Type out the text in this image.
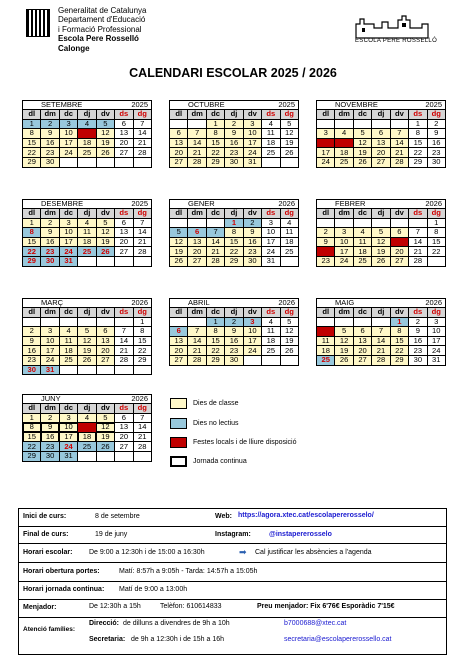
Generalitat de Catalunya
Departament d'Educació
i Formació Professional
Escola Pere Rosselló
Calonge
ESCOLA PERE ROSSELLÓ
CALENDARI ESCOLAR 2025 / 2026
SETEMBRE	2025
dl	dm	dc	dj	dv	ds	dg
1	2	3	4	5	6	7
8	9	10	11	12	13	14
15	16	17	18	19	20	21
22	23	24	25	26	27	28
29	30					
OCTUBRE	2025
dl	dm	dc	dj	dv	ds	dg
		1	2	3	4	5
6	7	8	9	10	11	12
13	14	15	16	17	18	19
20	21	22	23	24	25	26
27	28	29	30	31		
NOVEMBRE	2025
dl	dm	dc	dj	dv	ds	dg
					1	2
3	4	5	6	7	8	9
10	11	12	13	14	15	16
17	18	19	20	21	22	23
24	25	26	27	28	29	30
DESEMBRE	2025
dl	dm	dc	dj	dv	ds	dg
1	2	3	4	5	6	7
8	9	10	11	12	13	14
15	16	17	18	19	20	21
22	23	24	25	26	27	28
29	30	31				
GENER	2026
dl	dm	dc	dj	dv	ds	dg
			1	2	3	4
5	6	7	8	9	10	11
12	13	14	15	16	17	18
19	20	21	22	23	24	25
26	27	28	29	30	31	
FEBRER	2026
dl	dm	dc	dj	dv	ds	dg
						1
2	3	4	5	6	7	8
9	10	11	12	13	14	15
16	17	18	19	20	21	22
23	24	25	26	27	28	
MARÇ	2026
dl	dm	dc	dj	dv	ds	dg
						1
2	3	4	5	6	7	8
9	10	11	12	13	14	15
16	17	18	19	20	21	22
23	24	25	26	27	28	29
30	31					
ABRIL	2026
dl	dm	dc	dj	dv	ds	dg
		1	2	3	4	5
6	7	8	9	10	11	12
13	14	15	16	17	18	19
20	21	22	23	24	25	26
27	28	29	30			
MAIG	2026
dl	dm	dc	dj	dv	ds	dg
				1	2	3
4	5	6	7	8	9	10
11	12	13	14	15	16	17
18	19	20	21	22	23	24
25	26	27	28	29	30	31
JUNY	2026
dl	dm	dc	dj	dv	ds	dg
1	2	3	4	5	6	7
8	9	10	11	12	13	14
15	16	17	18	19	20	21
22	23	24	25	26	27	28
29	30	31				
Dies de classe
Dies no lectius
Festes locals i de lliure disposició
Jornada continua
Inici de curs:	8 de setembre	Web: https://agora.xtec.cat/escolapererosselo/
Final de curs:	19 de juny	Instagram:	@instapererosselo
Horari escolar: De 9:00 a 12:30h i de 15:00 a 16:30h	➡ Cal justificar les absències a l'agenda
Horari obertura portes:	Matí: 8:57h a 9:05h - Tarda: 14:57h a 15:05h
Horari jornada continua: Matí de 9:00 a 13:00h
Menjador:	De 12:30h a 15h	Telèfon: 610614833	Preu menjador: Fix 6'76€ Esporàdic 7'15€
Atenció famílies:
Direcció: de dilluns a divendres de 9h a 10h	b7000688@xtec.cat
Secretaria: de 9h a 12:30h i de 15h a 16h	secretaria@escolapererossello.cat
